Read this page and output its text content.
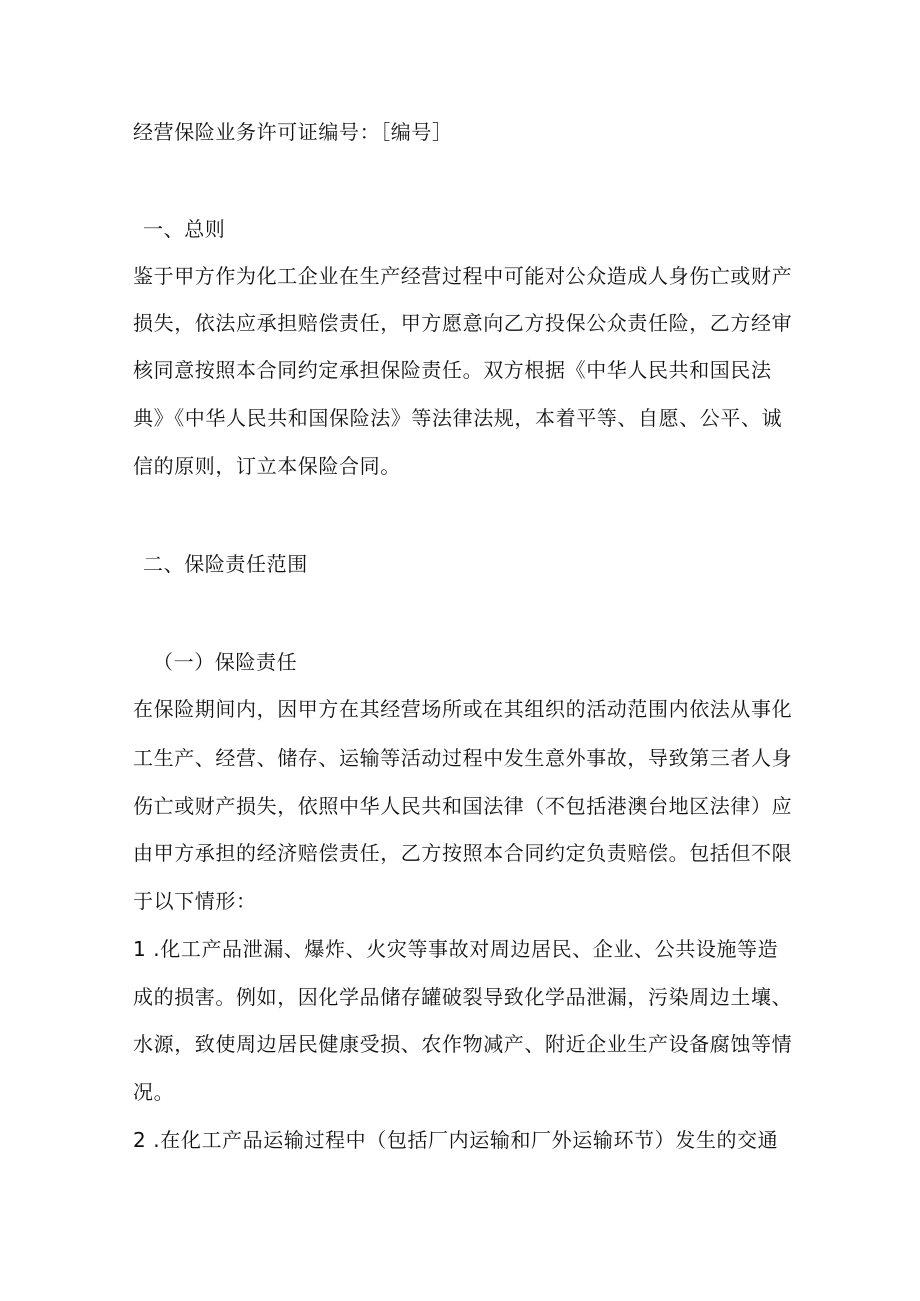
经营保险业务许可证编号：［编号］
一、总则
鉴于甲方作为化工企业在生产经营过程中可能对公众造成人身伤亡或财产
损失，依法应承担赔偿责任，甲方愿意向乙方投保公众责任险，乙方经审
核同意按照本合同约定承担保险责任。双方根据《中华人民共和国民法
典》《中华人民共和国保险法》等法律法规，本着平等、自愿、公平、诚
信的原则，订立本保险合同。
二、保险责任范围
（一）保险责任
在保险期间内，因甲方在其经营场所或在其组织的活动范围内依法从事化
工生产、经营、储存、运输等活动过程中发生意外事故，导致第三者人身
伤亡或财产损失，依照中华人民共和国法律（不包括港澳台地区法律）应
由甲方承担的经济赔偿责任，乙方按照本合同约定负责赔偿。包括但不限
于以下情形：
1 .化工产品泄漏、爆炸、火灾等事故对周边居民、企业、公共设施等造
成的损害。例如，因化学品储存罐破裂导致化学品泄漏，污染周边土壤、
水源，致使周边居民健康受损、农作物减产、附近企业生产设备腐蚀等情
况。
2 .在化工产品运输过程中（包括厂内运输和厂外运输环节）发生的交通
